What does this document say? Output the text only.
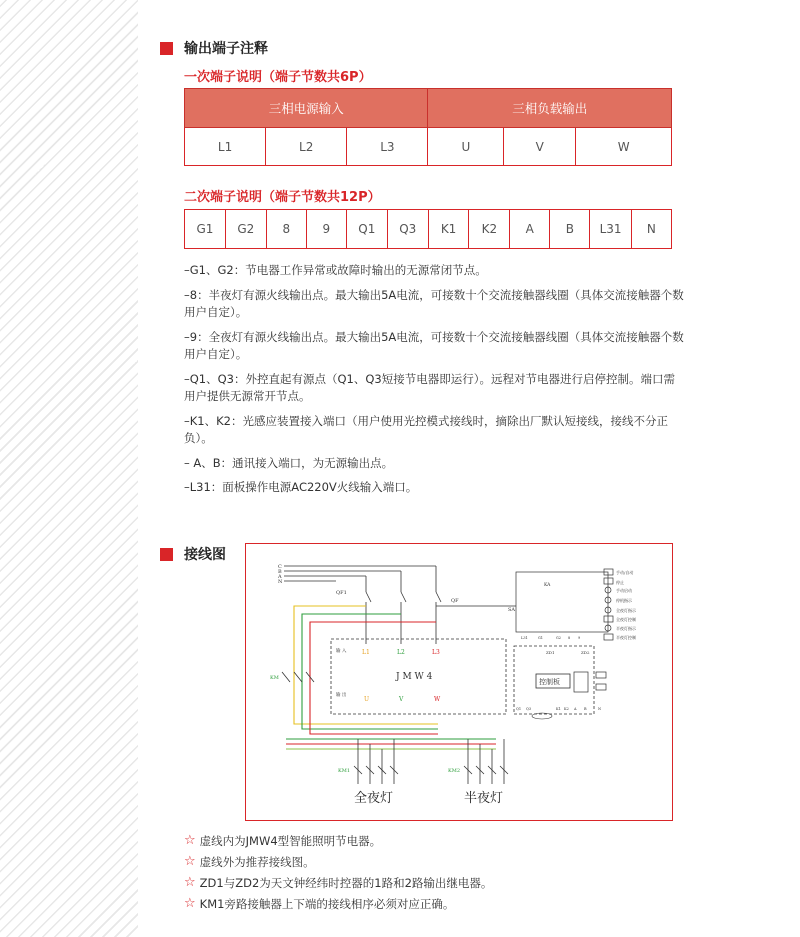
输出端子注释
一次端子说明（端子节数共6P）
三相电源输入			三相负载输出		
L1	L2	L3	U	V	W
二次端子说明（端子节数共12P）
G1	G2	8	9	Q1	Q3	K1	K2	A	B	L31	N

–G1、G2：节电器工作异常或故障时输出的无源常闭节点。

–8：半夜灯有源火线输出点。最大输出5A电流，可接数十个交流接触器线圈（具体交流接触器个数用户自定）。

–9：全夜灯有源火线输出点。最大输出5A电流，可接数十个交流接触器线圈（具体交流接触器个数用户自定）。

–Q1、Q3：外控直起有源点（Q1、Q3短接节电器即运行）。远程对节电器进行启停控制。端口需用户提供无源常开节点。

–K1、K2：光感应装置接入端口（用户使用光控模式接线时，摘除出厂默认短接线，接线不分正负）。

– A、B：通讯接入端口，为无源输出点。

–L31：面板操作电源AC220V火线输入端口。

接线图
C
B
A
N
QF1
KM
输 入
输 出
J M W 4
L1	L2	L3
U	V	W
QF
SA
KA
手动/自动
停止
手动启动
停机指示
全夜灯指示
全夜灯控制
半夜灯指示
半夜灯控制
L31	G1	G2 8 9
ZD1	ZD2
控制板
Q1 Q3	K1 K2 A B	N
KM1	KM2
全夜灯	半夜灯
☆ 虚线内为JMW4型智能照明节电器。
☆ 虚线外为推荐接线图。
☆ ZD1与ZD2为天文钟经纬时控器的1路和2路输出继电器。
☆ KM1旁路接触器上下端的接线相序必须对应正确。
